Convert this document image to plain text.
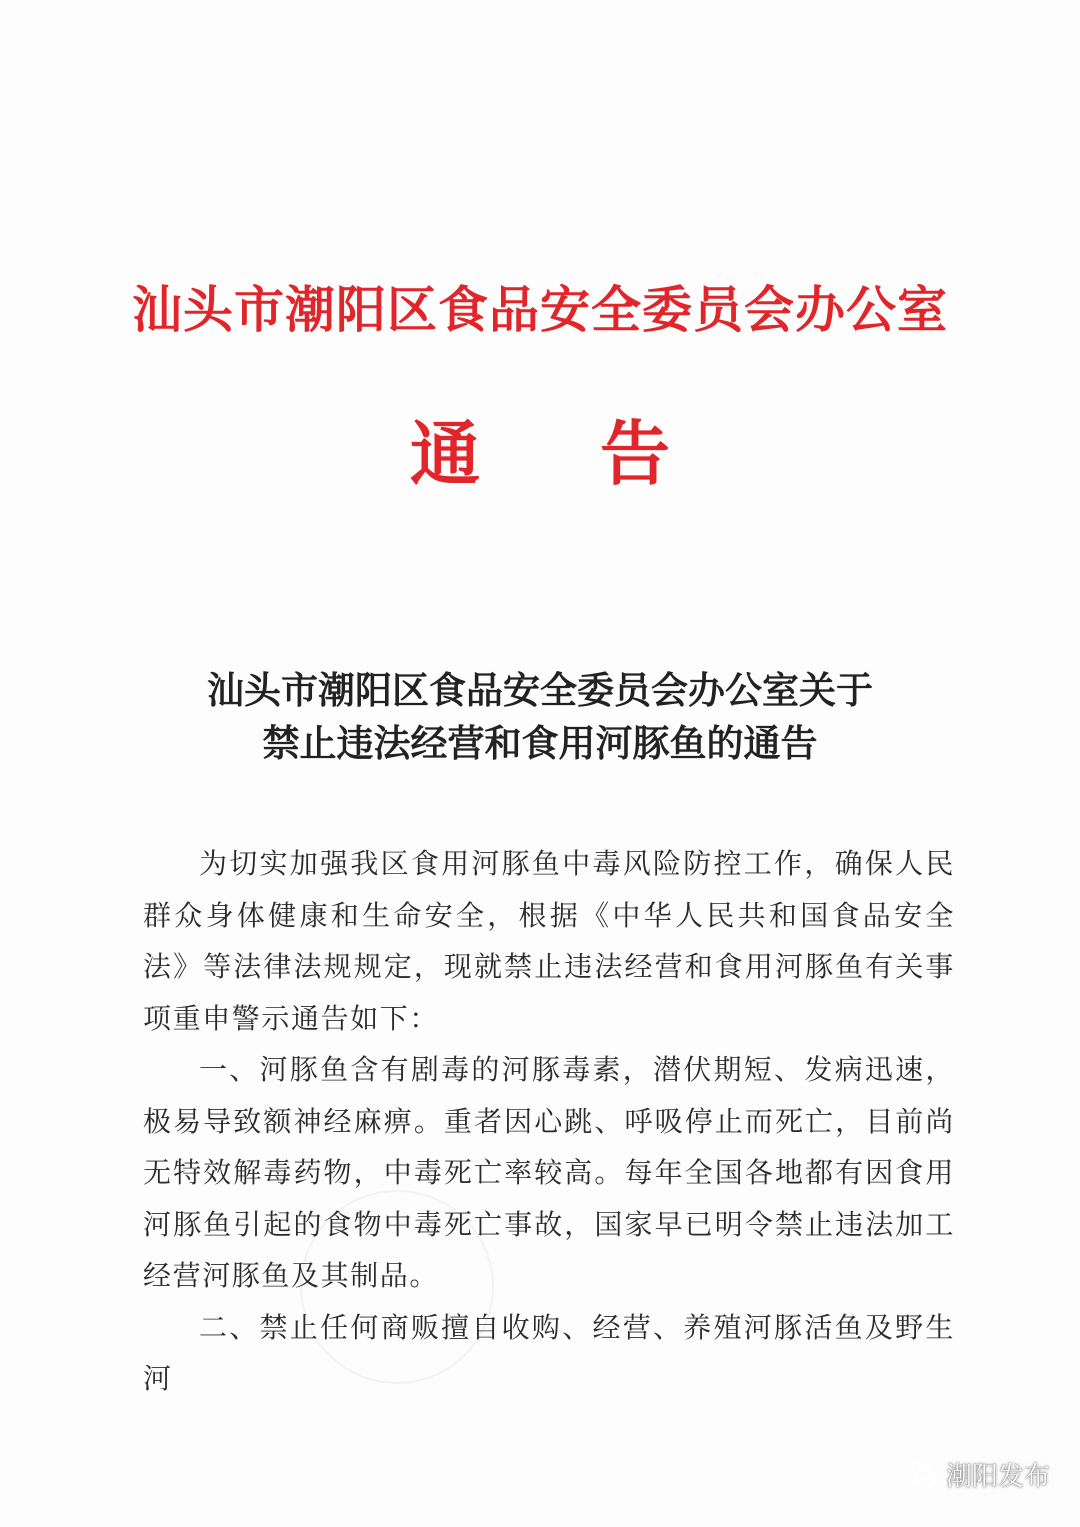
汕头市潮阳区食品安全委员会办公室
通告
汕头市潮阳区食品安全委员会办公室关于
禁止违法经营和食用河豚鱼的通告

为切实加强我区食用河豚鱼中毒风险防控工作，确保人民群众身体健康和生命安全，根据《中华人民共和国食品安全法》等法律法规规定，现就禁止违法经营和食用河豚鱼有关事项重申警示通告如下：

一、河豚鱼含有剧毒的河豚毒素，潜伏期短、发病迅速，极易导致额神经麻痹。重者因心跳、呼吸停止而死亡，目前尚无特效解毒药物，中毒死亡率较高。每年全国各地都有因食用河豚鱼引起的食物中毒死亡事故，国家早已明令禁止违法加工经营河豚鱼及其制品。

二、禁止任何商贩擅自收购、经营、养殖河豚活鱼及野生河

潮阳发布
